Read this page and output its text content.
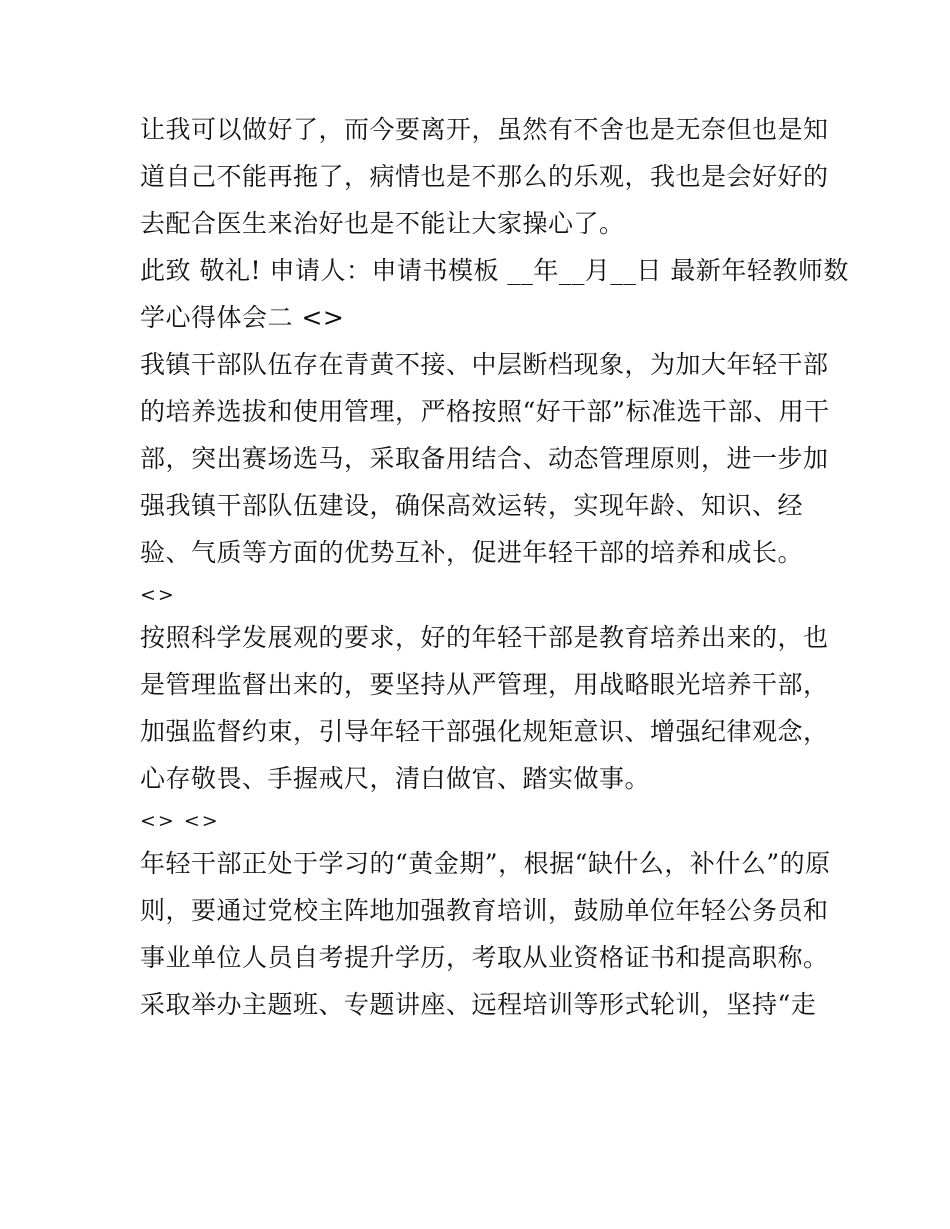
让我可以做好了，而今要离开，虽然有不舍也是无奈但也是知
道自己不能再拖了，病情也是不那么的乐观，我也是会好好的
去配合医生来治好也是不能让大家操心了。
此致 敬礼! 申请人：申请书模板 __年__月__日 最新年轻教师数
学心得体会二 <>
我镇干部队伍存在青黄不接、中层断档现象，为加大年轻干部
的培养选拔和使用管理，严格按照“好干部”标准选干部、用干
部，突出赛场选马，采取备用结合、动态管理原则，进一步加
强我镇干部队伍建设，确保高效运转，实现年龄、知识、经
验、气质等方面的优势互补，促进年轻干部的培养和成长。
<>
按照科学发展观的要求，好的年轻干部是教育培养出来的，也
是管理监督出来的，要坚持从严管理，用战略眼光培养干部，
加强监督约束，引导年轻干部强化规矩意识、增强纪律观念，
心存敬畏、手握戒尺，清白做官、踏实做事。
<> <>
年轻干部正处于学习的“黄金期”，根据“缺什么，补什么”的原
则，要通过党校主阵地加强教育培训，鼓励单位年轻公务员和
事业单位人员自考提升学历，考取从业资格证书和提高职称。
采取举办主题班、专题讲座、远程培训等形式轮训，坚持“走
